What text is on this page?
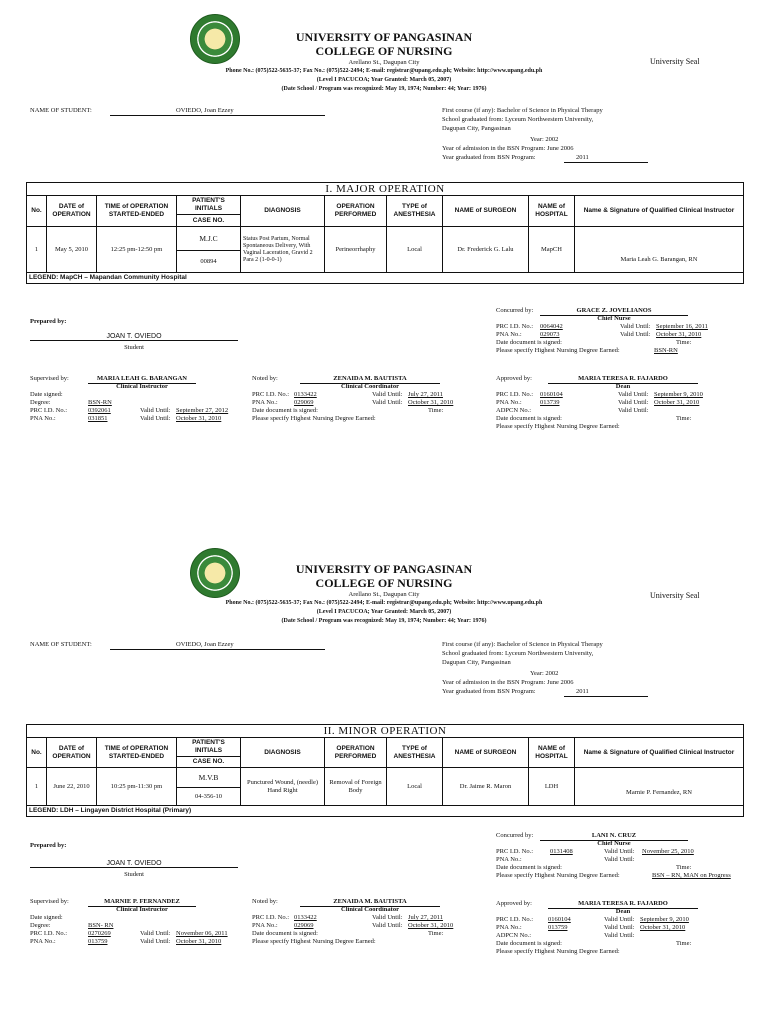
UNIVERSITY OF PANGASINAN
COLLEGE OF NURSING
Arellano St., Dagupan City
Phone No.: (075)522-5635-37; Fax No.: (075)522-2494; E-mail: registrar@upang.edu.ph; Website: http://www.upang.edu.ph
(Level I PACUCOA; Year Granted: March 05, 2007)
(Date School / Program was recognized: May 19, 1974; Number: 44; Year: 1976)
University Seal
NAME OF STUDENT:	OVIEDO, Joan Ezzey	First course (if any): Bachelor of Science in Physical Therapy
School graduated from: Lyceum Northwestern University,
Dagupan City, Pangasinan
Year: 2002
Year of admission in the BSN Program: June 2006
Year graduated from BSN Program:	2011
I. MAJOR OPERATION									
No.	DATE of OPERATION	TIME of OPERATION STARTED-ENDED	PATIENT'S INITIALS	DIAGNOSIS	OPERATION PERFORMED	TYPE of ANESTHESIA	NAME of SURGEON	NAME of HOSPITAL	Name & Signature of Qualified Clinical Instructor
			CASE NO.						
1	May 5, 2010	12:25 pm-12:50 pm	M.J.C	Status Post Partum, Normal Spontaneous Delivery, With Vaginal Laceration, Gravid 2 Para 2 (1-0-0-1)	Perineorrhaphy	Local	Dr. Frederick G. Lalu	MapCH	Maria Leah G. Barangan, RN
			00894						
LEGEND: MapCH – Mapandan Community Hospital									
Prepared by:
JOAN T. OVIEDO
Student
Concurred by:	GRACE Z. JOVELIANOS
Chief Nurse
PRC I.D. No.: 0064042	Valid Until: September 16, 2011
PNA No.:	029073	Valid Until: October 31, 2010
Date document is signed:	Time:
Please specify Highest Nursing Degree Earned:	BSN-RN
Supervised by:	MARIA LEAH G. BARANGAN
Clinical Instructor
Date signed:
Degree:	BSN-RN
PRC I.D. No.:	0392061	Valid Until: September 27, 2012
PNA No.:	031851	Valid Until: October 31, 2010
Noted by:	ZENAIDA M. BAUTISTA
Clinical Coordinator
PRC I.D. No.: 0133422	Valid Until: July 27, 2011
PNA No.:	029069	Valid Until: October 31, 2010
Date document is signed:	Time:
Please specify Highest Nursing Degree Earned:
Approved by:	MARIA TERESA R. FAJARDO
Dean
PRC I.D. No.: 0160104	Valid Until: September 9, 2010
PNA No.:	013739	Valid Until: October 31, 2010
ADPCN No.:	Valid Until:
Date document is signed:	Time:
Please specify Highest Nursing Degree Earned:
UNIVERSITY OF PANGASINAN
COLLEGE OF NURSING
Arellano St., Dagupan City
Phone No.: (075)522-5635-37; Fax No.: (075)522-2494; E-mail: registrar@upang.edu.ph; Website: http://www.upang.edu.ph
(Level I PACUCOA; Year Granted: March 05, 2007)
(Date School / Program was recognized: May 19, 1974; Number: 44; Year: 1976)
University Seal
NAME OF STUDENT:	OVIEDO, Joan Ezzey	First course (if any): Bachelor of Science in Physical Therapy
School graduated from: Lyceum Northwestern University,
Dagupan City, Pangasinan
Year: 2002
Year of admission in the BSN Program: June 2006
Year graduated from BSN Program:	2011
II. MINOR OPERATION									
No.	DATE of OPERATION	TIME of OPERATION STARTED-ENDED	PATIENT'S INITIALS	DIAGNOSIS	OPERATION PERFORMED	TYPE of ANESTHESIA	NAME of SURGEON	NAME of HOSPITAL	Name & Signature of Qualified Clinical Instructor
			CASE NO.						
1	June 22, 2010	10:25 pm-11:30 pm	M.V.B	Punctured Wound, (needle) Hand Right	Removal of Foreign Body	Local	Dr. Jaime R. Maron	LDH	Marnie P. Fernandez, RN
			04-356-10						
LEGEND: LDH – Lingayen District Hospital (Primary)									
Prepared by:
JOAN T. OVIEDO
Student
Concurred by:	LANI N. CRUZ
Chief Nurse
PRC I.D. No.:	0131408	Valid Until: November 25, 2010
PNA No.:	Valid Until:
Date document is signed:	Time:
Please specify Highest Nursing Degree Earned:	BSN – RN, MAN on Progress
Supervised by:	MARNIE P. FERNANDEZ
Clinical Instructor
Date signed:
Degree:	BSN- RN
PRC I.D. No.:	0270269	Valid Until: November 06, 2011
PNA No.:	013759	Valid Until: October 31, 2010
Noted by:	ZENAIDA M. BAUTISTA
Clinical Coordinator
PRC I.D. No.: 0133422	Valid Until: July 27, 2011
PNA No.:	029069	Valid Until: October 31, 2010
Date document is signed:	Time:
Please specify Highest Nursing Degree Earned:
Approved by:	MARIA TERESA R. FAJARDO
Dean
PRC I.D. No.: 0160104	Valid Until: September 9, 2010
PNA No.:	013759	Valid Until: October 31, 2010
ADPCN No.:	Valid Until:
Date document is signed:	Time:
Please specify Highest Nursing Degree Earned:
